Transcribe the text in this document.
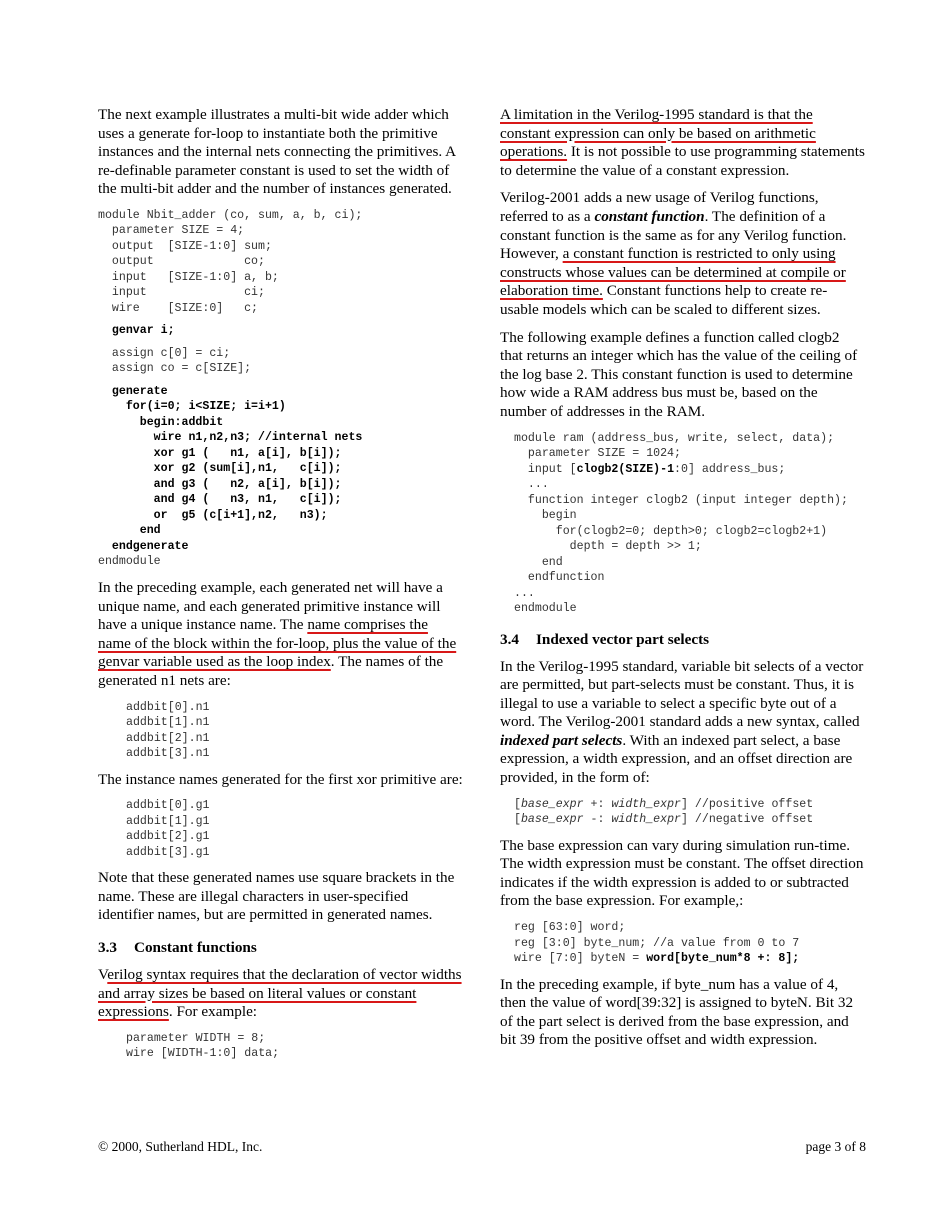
The next example illustrates a multi-bit wide adder which uses a generate for-loop to instantiate both the primitive instances and the internal nets connecting the primitives. A re-definable parameter constant is used to set the width of the multi-bit adder and the number of instances generated.

module Nbit_adder (co, sum, a, b, ci);
parameter SIZE = 4;
output  [SIZE-1:0] sum;
output             co;
input   [SIZE-1:0] a, b;
input              ci;
wire    [SIZE:0]   c;
genvar i;
assign c[0] = ci;
assign co = c[SIZE];
generate
for(i=0; i<SIZE; i=i+1)
begin:addbit
wire n1,n2,n3; //internal nets
xor g1 (   n1, a[i], b[i]);
xor g2 (sum[i],n1,   c[i]);
and g3 (   n2, a[i], b[i]);
and g4 (   n3, n1,   c[i]);
or  g5 (c[i+1],n2,   n3);
end
endgenerate
endmodule

In the preceding example, each generated net will have a unique name, and each generated primitive instance will have a unique instance name. The name comprises the name of the block within the for-loop, plus the value of the genvar variable used as the loop index. The names of the generated n1 nets are:

addbit[0].n1
addbit[1].n1
addbit[2].n1
addbit[3].n1

The instance names generated for the first xor primitive are:

addbit[0].g1
addbit[1].g1
addbit[2].g1
addbit[3].g1

Note that these generated names use square brackets in the name. These are illegal characters in user-specified identifier names, but are permitted in generated names.

3.3 Constant functions

Verilog syntax requires that the declaration of vector widths and array sizes be based on literal values or constant expressions. For example:

parameter WIDTH = 8;
wire [WIDTH-1:0] data;

A limitation in the Verilog-1995 standard is that the constant expression can only be based on arithmetic operations. It is not possible to use programming statements to determine the value of a constant expression.

Verilog-2001 adds a new usage of Verilog functions, referred to as a constant function. The definition of a constant function is the same as for any Verilog function. However, a constant function is restricted to only using constructs whose values can be determined at compile or elaboration time. Constant functions help to create re-usable models which can be scaled to different sizes.

The following example defines a function called clogb2 that returns an integer which has the value of the ceiling of the log base 2. This constant function is used to determine how wide a RAM address bus must be, based on the number of addresses in the RAM.

module ram (address_bus, write, select, data);
parameter SIZE = 1024;
input [clogb2(SIZE)-1:0] address_bus;
...
function integer clogb2 (input integer depth);
begin
for(clogb2=0; depth>0; clogb2=clogb2+1)
depth = depth >> 1;
end
endfunction
...
endmodule
3.4 Indexed vector part selects

In the Verilog-1995 standard, variable bit selects of a vector are permitted, but part-selects must be constant. Thus, it is illegal to use a variable to select a specific byte out of a word. The Verilog-2001 standard adds a new syntax, called indexed part selects. With an indexed part select, a base expression, a width expression, and an offset direction are provided, in the form of:

[base_expr +: width_expr] //positive offset
[base_expr -: width_expr] //negative offset

The base expression can vary during simulation run-time. The width expression must be constant. The offset direction indicates if the width expression is added to or subtracted from the base expression. For example,:

reg [63:0] word;
reg [3:0] byte_num; //a value from 0 to 7
wire [7:0] byteN = word[byte_num*8 +: 8];

In the preceding example, if byte_num has a value of 4, then the value of word[39:32] is assigned to byteN. Bit 32 of the part select is derived from the base expression, and bit 39 from the positive offset and width expression.

© 2000, Sutherland HDL, Inc.	page 3 of 8
